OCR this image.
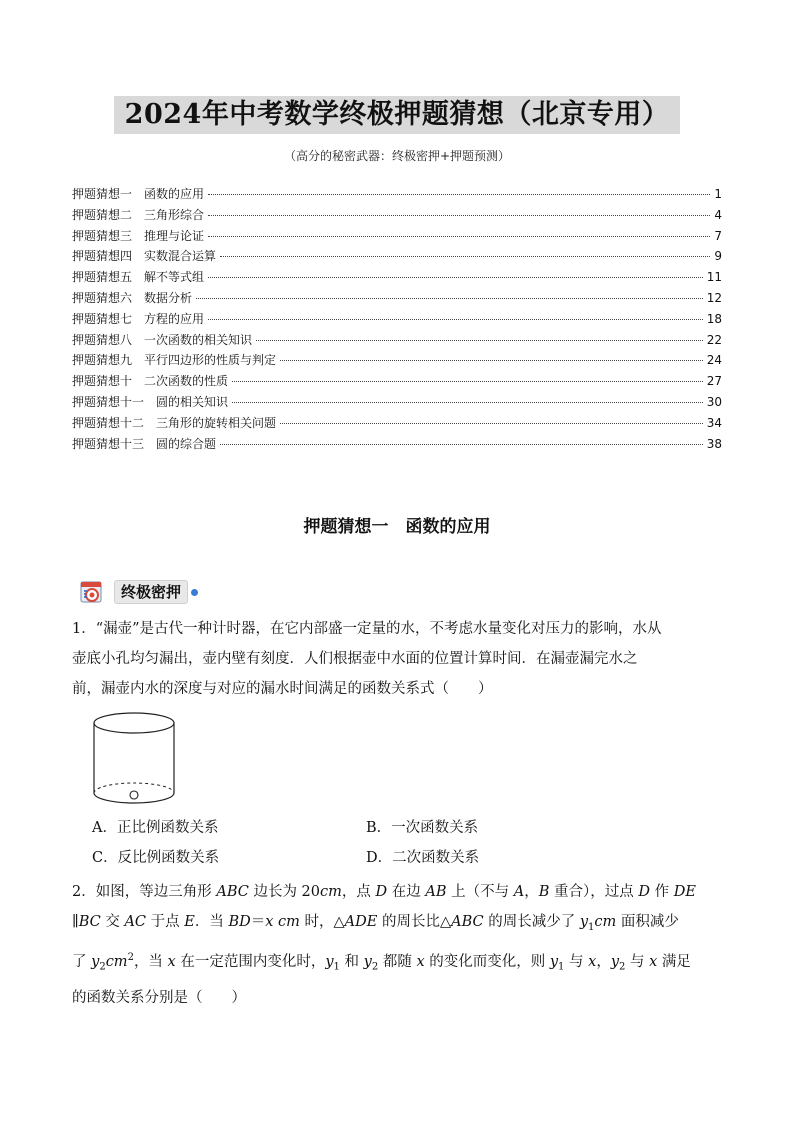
2024年中考数学终极押题猜想（北京专用）
（高分的秘密武器：终极密押+押题预测）
押题猜想一 函数的应用	1
押题猜想二 三角形综合	4
押题猜想三 推理与论证	7
押题猜想四 实数混合运算	9
押题猜想五 解不等式组	11
押题猜想六 数据分析	12
押题猜想七 方程的应用	18
押题猜想八 一次函数的相关知识	22
押题猜想九 平行四边形的性质与判定	24
押题猜想十 二次函数的性质	27
押题猜想十一 圆的相关知识	30
押题猜想十二 三角形的旋转相关问题	34
押题猜想十三 圆的综合题	38
押题猜想一　函数的应用
终极密押
1．“漏壶”是古代一种计时器，在它内部盛一定量的水，不考虑水量变化对压力的影响，水从
壶底小孔均匀漏出，壶内壁有刻度．人们根据壶中水面的位置计算时间．在漏壶漏完水之
前，漏壶内水的深度与对应的漏水时间满足的函数关系式（　　）
A．正比例函数关系	B．一次函数关系
C．反比例函数关系	D．二次函数关系
2．如图，等边三角形 ABC 边长为 20cm，点 D 在边 AB 上（不与 A，B 重合），过点 D 作 DE
∥BC 交 AC 于点 E．当 BD＝x cm 时，△ADE 的周长比△ABC 的周长减少了 $y_1cm$ 面积减少
了 $y_2cm^2$，当 x 在一定范围内变化时，$y_1$ 和 $y_2$ 都随 x 的变化而变化，则 $y_1$ 与 x，$y_2$ 与 x 满足
的函数关系分别是（　　）
